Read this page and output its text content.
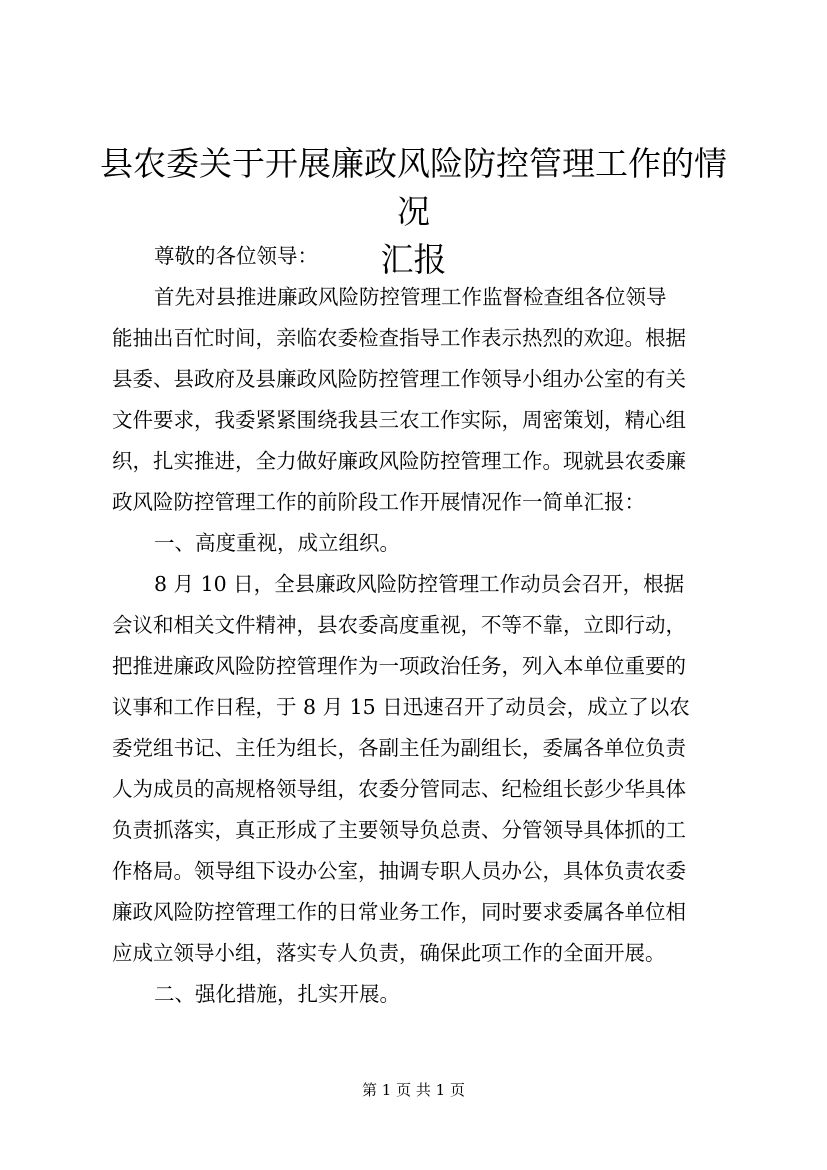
县农委关于开展廉政风险防控管理工作的情况
汇报
尊敬的各位领导：
首先对县推进廉政风险防控管理工作监督检查组各位领导
能抽出百忙时间，亲临农委检查指导工作表示热烈的欢迎。根据
县委、县政府及县廉政风险防控管理工作领导小组办公室的有关
文件要求，我委紧紧围绕我县三农工作实际，周密策划，精心组
织，扎实推进，全力做好廉政风险防控管理工作。现就县农委廉
政风险防控管理工作的前阶段工作开展情况作一简单汇报：
一、高度重视，成立组织。
8 月 10 日，全县廉政风险防控管理工作动员会召开，根据
会议和相关文件精神，县农委高度重视，不等不靠，立即行动，
把推进廉政风险防控管理作为一项政治任务，列入本单位重要的
议事和工作日程，于 8 月 15 日迅速召开了动员会，成立了以农
委党组书记、主任为组长，各副主任为副组长，委属各单位负责
人为成员的高规格领导组，农委分管同志、纪检组长彭少华具体
负责抓落实，真正形成了主要领导负总责、分管领导具体抓的工
作格局。领导组下设办公室，抽调专职人员办公，具体负责农委
廉政风险防控管理工作的日常业务工作，同时要求委属各单位相
应成立领导小组，落实专人负责，确保此项工作的全面开展。
二、强化措施，扎实开展。
第 1 页 共 1 页
